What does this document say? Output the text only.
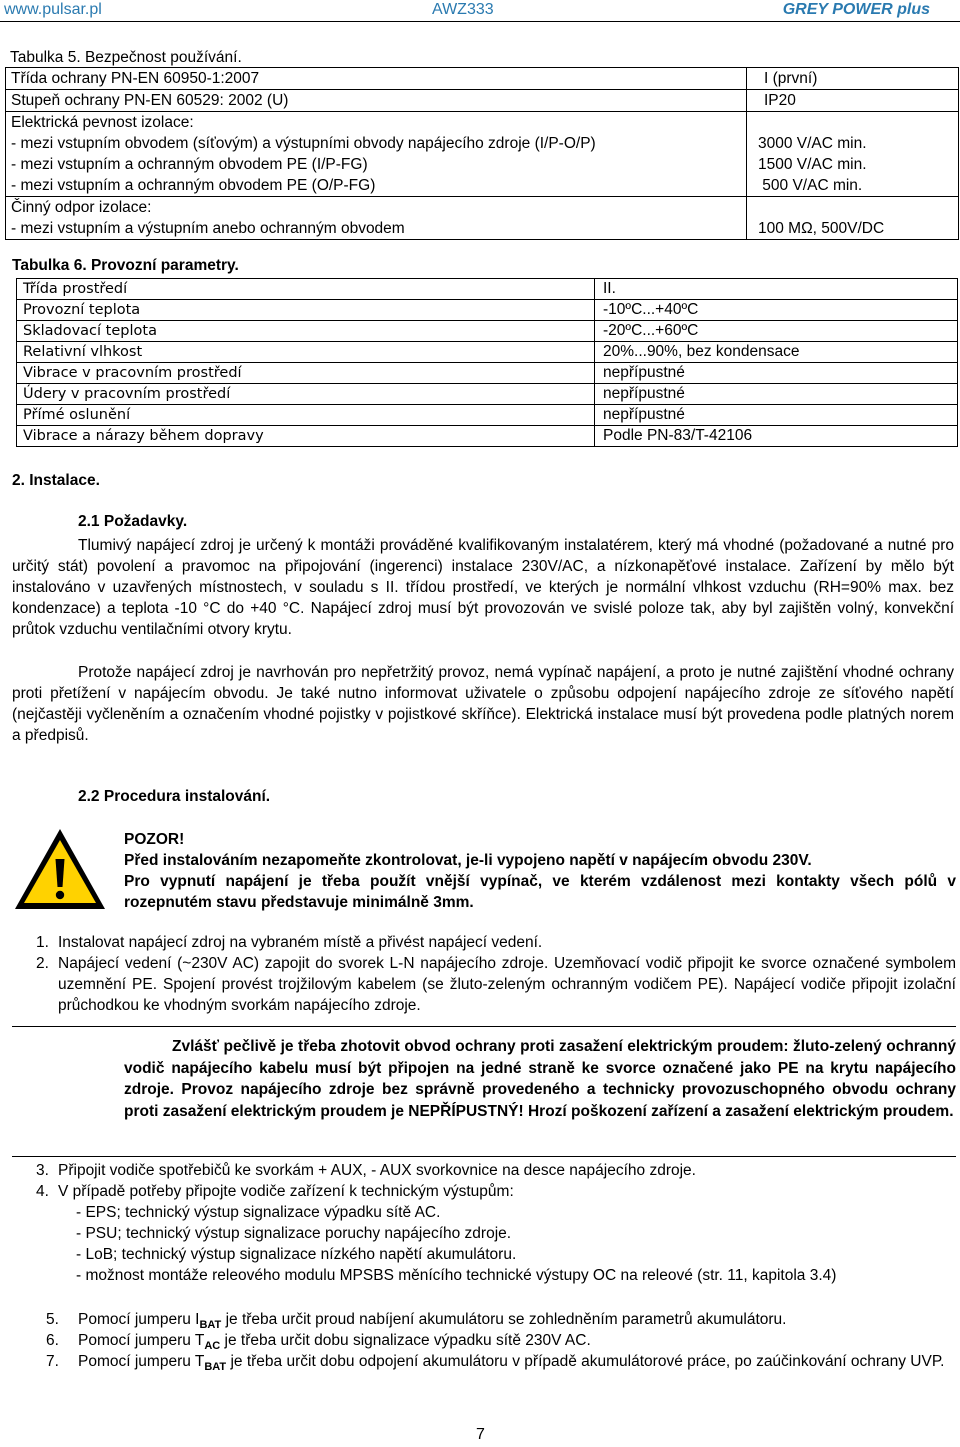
www.pulsar.pl	AWZ333	GREY POWER plus
Tabulka 5. Bezpečnost používání.
Třída ochrany PN-EN 60950-1:2007	I (první)
Stupeň ochrany PN-EN 60529: 2002 (U)	IP20
Elektrická pevnost izolace:
- mezi vstupním obvodem (síťovým) a výstupními obvody napájecího zdroje (I/P-O/P)	3000 V/AC min.
- mezi vstupním a ochranným obvodem PE (I/P-FG)	1500 V/AC min.
- mezi vstupním a ochranným obvodem PE (O/P-FG)	500 V/AC min.
Činný odpor izolace:
- mezi vstupním a výstupním anebo ochranným obvodem	100 MΩ, 500V/DC
Tabulka 6. Provozní parametry.
Třída prostředí	II.
Provozní teplota	-10ºC...+40ºC
Skladovací teplota	-20ºC...+60ºC
Relativní vlhkost	20%...90%, bez kondensace
Vibrace v pracovním prostředí	nepřípustné
Údery v pracovním prostředí	nepřípustné
Přímé oslunění	nepřípustné
Vibrace a nárazy během dopravy	Podle PN-83/T-42106
2. Instalace.
2.1 Požadavky.
Tlumivý napájecí zdroj je určený k montáži prováděné kvalifikovaným instalatérem, který má vhodné (požadované a nutné pro určitý stát) povolení a pravomoc na připojování (ingerenci) instalace 230V/AC, a nízkonapěťové instalace. Zařízení by mělo být instalováno v uzavřených místnostech, v souladu s II. třídou prostředí, ve kterých je normální vlhkost vzduchu (RH=90% max. bez kondenzace) a teplota -10 °C do +40 °C. Napájecí zdroj musí být provozován ve svislé poloze tak, aby byl zajištěn volný, konvekční průtok vzduchu ventilačními otvory krytu.
Protože napájecí zdroj je navrhován pro nepřetržitý provoz, nemá vypínač napájení, a proto je nutné zajištění vhodné ochrany proti přetížení v napájecím obvodu. Je také nutno informovat uživatele o způsobu odpojení napájecího zdroje ze síťového napětí (nejčastěji vyčleněním a označením vhodné pojistky v pojistkové skříňce). Elektrická instalace musí být provedena podle platných norem a předpisů.
2.2 Procedura instalování.
POZOR!
Před instalováním nezapomeňte zkontrolovat, je-li vypojeno napětí v napájecím obvodu 230V.
Pro vypnutí napájení je třeba použít vnější vypínač, ve kterém vzdálenost mezi kontakty všech pólů v rozepnutém stavu představuje minimálně 3mm.
1. Instalovat napájecí zdroj na vybraném místě a přivést napájecí vedení.
2. Napájecí vedení (~230V AC) zapojit do svorek L-N napájecího zdroje. Uzemňovací vodič připojit ke svorce označené symbolem uzemnění PE. Spojení provést trojžilovým kabelem (se žluto-zeleným ochranným vodičem PE). Napájecí vodiče připojit izolační průchodkou ke vhodným svorkám napájecího zdroje.
Zvlášť pečlivě je třeba zhotovit obvod ochrany proti zasažení elektrickým proudem: žluto-zelený ochranný vodič napájecího kabelu musí být připojen na jedné straně ke svorce označené jako PE na krytu napájecího zdroje. Provoz napájecího zdroje bez správně provedeného a technicky provozuschopného obvodu ochrany proti zasažení elektrickým proudem je NEPŘÍPUSTNÝ! Hrozí poškození zařízení a zasažení elektrickým proudem.
3. Připojit vodiče spotřebičů ke svorkám + AUX, - AUX svorkovnice na desce napájecího zdroje.
4. V případě potřeby připojte vodiče zařízení k technickým výstupům:
- EPS; technický výstup signalizace výpadku sítě AC.
- PSU; technický výstup signalizace poruchy napájecího zdroje.
- LoB; technický výstup signalizace nízkého napětí akumulátoru.
- možnost montáže releového modulu MPSBS měnícího technické výstupy OC na releové (str. 11, kapitola 3.4)
5.	Pomocí jumperu $I_{BAT}$ je třeba určit proud nabíjení akumulátoru se zohledněním parametrů akumulátoru.
6.	Pomocí jumperu $T_{AC}$ je třeba určit dobu signalizace výpadku sítě 230V AC.
7.	Pomocí jumperu $T_{BAT}$ je třeba určit dobu odpojení akumulátoru v případě akumulátorové práce, po zaúčinkování ochrany UVP.
7
